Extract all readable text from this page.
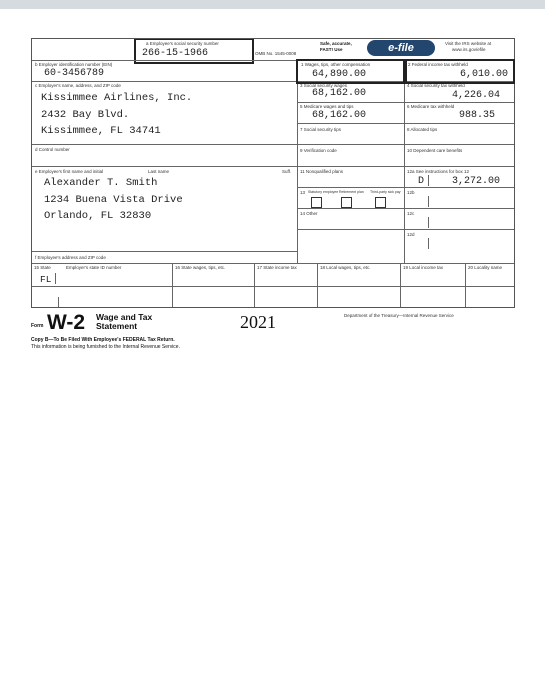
a Employee's social security number
266-15-1966	OMB No. 1545-0008
Safe, accurate,
FAST! Use	e-file	Visit the IRS website at
www.irs.gov/efile
b Employer identification number (EIN)
60-3456789
c Employer's name, address, and ZIP code
Kissimmee Airlines, Inc.
2432 Bay Blvd.
Kissimmee, FL 34741
d Control number
e Employee's first name and initial	Last name	Suff.
Alexander T. Smith
1234 Buena Vista Drive
Orlando, FL 32830
f Employee's address and ZIP code
1 Wages, tips, other compensation
64,890.00
2 Federal income tax withheld
6,010.00
3 Social security wages
68,162.00
4 Social security tax withheld
4,226.04
5 Medicare wages and tips
68,162.00
6 Medicare tax withheld
988.35
7 Social security tips	8 Allocated tips
9 Verification code	10 Dependent care benefits
11 Nonqualified plans	12a See instructions for box 12
D	3,272.00
13 Statutory employee Retirement plan Third-party sick pay 12b
12c
12d
14 Other
15 State	Employer's state ID number
FL
16 State wages, tips, etc.	17 State income tax	18 Local wages, tips, etc.	19 Local income tax	20 Locality name
Form W-2 Wage and Tax
Statement	2021	Department of the Treasury—Internal Revenue Service
Copy B—To Be Filed With Employee's FEDERAL Tax Return.
This information is being furnished to the Internal Revenue Service.
